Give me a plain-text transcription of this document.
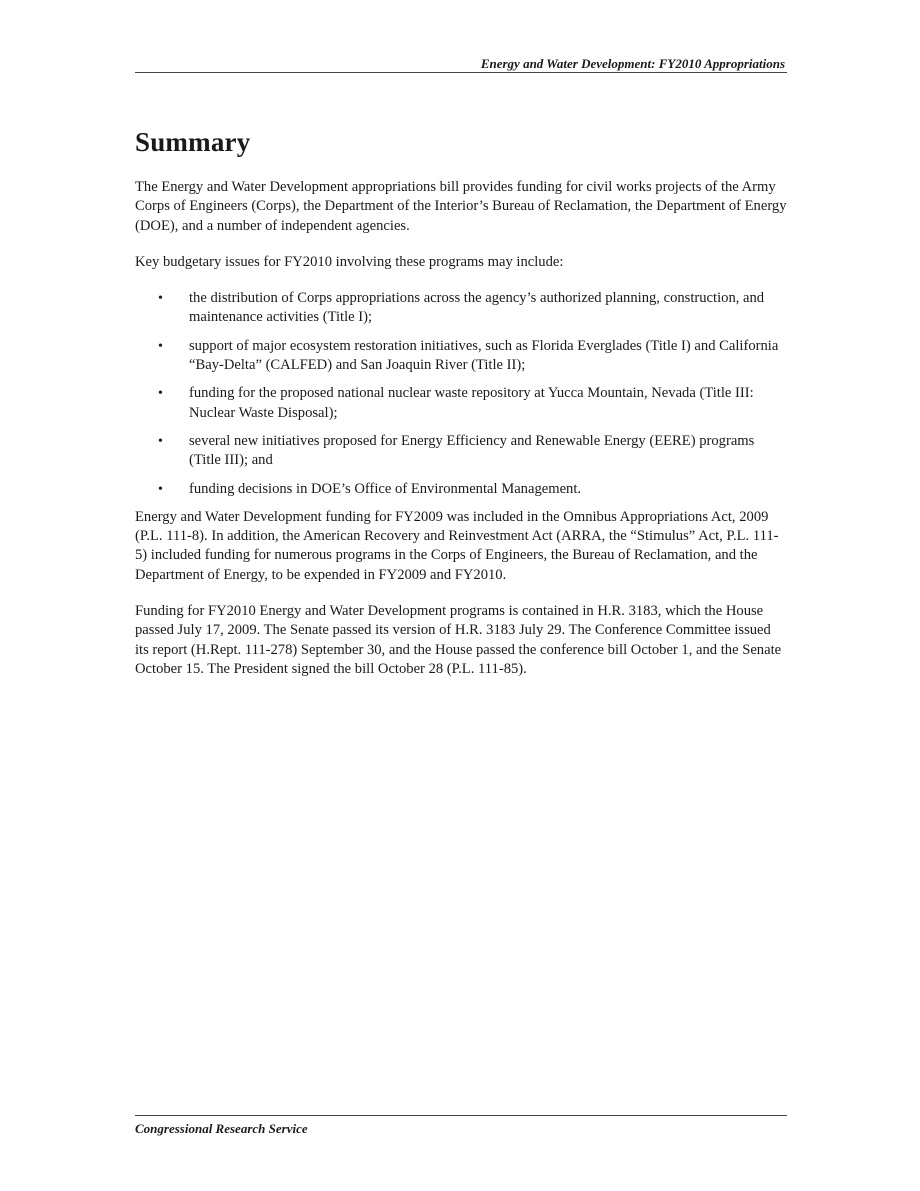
Energy and Water Development: FY2010 Appropriations
Summary

The Energy and Water Development appropriations bill provides funding for civil works projects of the Army Corps of Engineers (Corps), the Department of the Interior’s Bureau of Reclamation, the Department of Energy (DOE), and a number of independent agencies.

Key budgetary issues for FY2010 involving these programs may include:

• the distribution of Corps appropriations across the agency’s authorized planning, construction, and maintenance activities (Title I);
• support of major ecosystem restoration initiatives, such as Florida Everglades (Title I) and California “Bay-Delta” (CALFED) and San Joaquin River (Title II);
• funding for the proposed national nuclear waste repository at Yucca Mountain, Nevada (Title III: Nuclear Waste Disposal);
• several new initiatives proposed for Energy Efficiency and Renewable Energy (EERE) programs (Title III); and
• funding decisions in DOE’s Office of Environmental Management.

Energy and Water Development funding for FY2009 was included in the Omnibus Appropriations Act, 2009 (P.L. 111-8). In addition, the American Recovery and Reinvestment Act (ARRA, the “Stimulus” Act, P.L. 111-5) included funding for numerous programs in the Corps of Engineers, the Bureau of Reclamation, and the Department of Energy, to be expended in FY2009 and FY2010.

Funding for FY2010 Energy and Water Development programs is contained in H.R. 3183, which the House passed July 17, 2009. The Senate passed its version of H.R. 3183 July 29. The Conference Committee issued its report (H.Rept. 111-278) September 30, and the House passed the conference bill October 1, and the Senate October 15. The President signed the bill October 28 (P.L. 111-85).

Congressional Research Service
